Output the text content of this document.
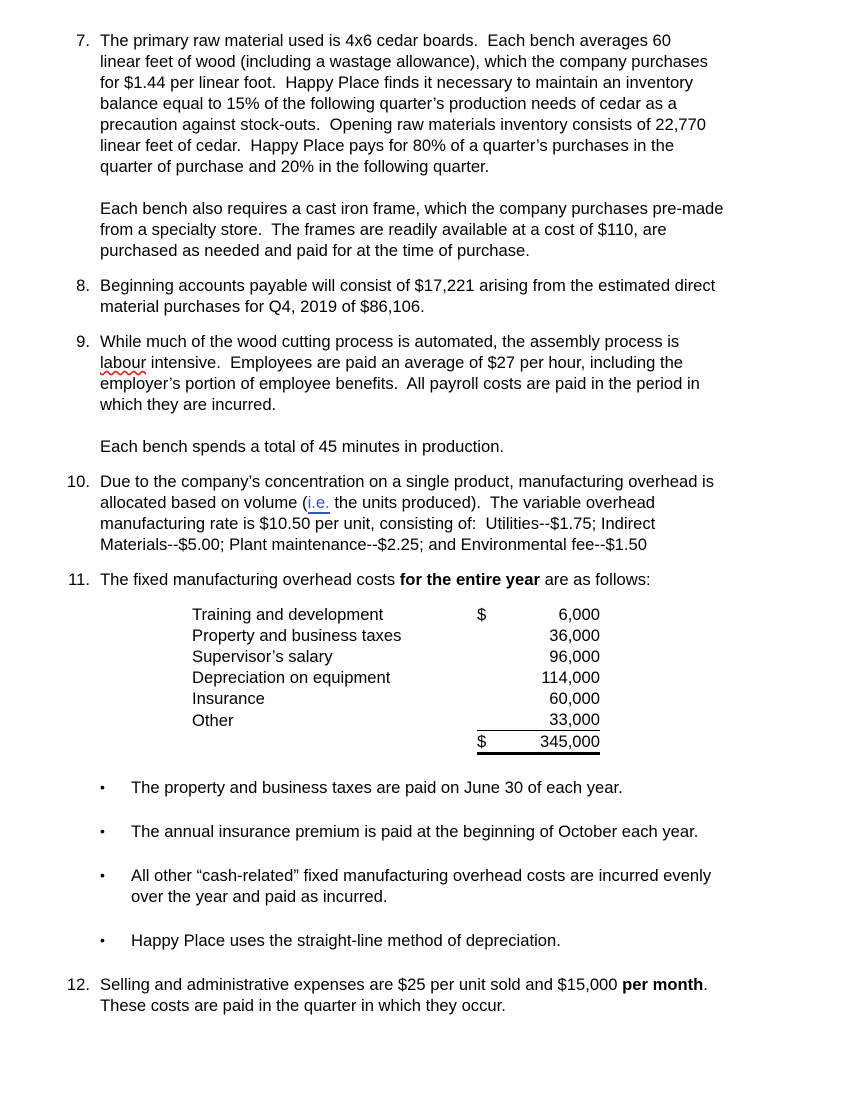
7. The primary raw material used is 4x6 cedar boards.  Each bench averages 60
linear feet of wood (including a wastage allowance), which the company purchases
for $1.44 per linear foot.  Happy Place finds it necessary to maintain an inventory
balance equal to 15% of the following quarter’s production needs of cedar as a
precaution against stock-outs.  Opening raw materials inventory consists of 22,770
linear feet of cedar.  Happy Place pays for 80% of a quarter’s purchases in the
quarter of purchase and 20% in the following quarter.

Each bench also requires a cast iron frame, which the company purchases pre-made
from a specialty store.  The frames are readily available at a cost of $110, are
purchased as needed and paid for at the time of purchase.

8. Beginning accounts payable will consist of $17,221 arising from the estimated direct
material purchases for Q4, 2019 of $86,106.

9. While much of the wood cutting process is automated, the assembly process is
labour intensive.  Employees are paid an average of $27 per hour, including the
employer’s portion of employee benefits.  All payroll costs are paid in the period in
which they are incurred.

Each bench spends a total of 45 minutes in production.

10. Due to the company’s concentration on a single product, manufacturing overhead is
allocated based on volume (i.e. the units produced).  The variable overhead
manufacturing rate is $10.50 per unit, consisting of:  Utilities--$1.75; Indirect
Materials--$5.00; Plant maintenance--$2.25; and Environmental fee--$1.50

11. The fixed manufacturing overhead costs for the entire year are as follows:

Training and development	$	6,000
Property and business taxes		36,000
Supervisor’s salary		96,000
Depreciation on equipment		114,000
Insurance		60,000
Other		33,000
	$	345,000
• The property and business taxes are paid on June 30 of each year.
• The annual insurance premium is paid at the beginning of October each year.
• All other “cash-related” fixed manufacturing overhead costs are incurred evenly
over the year and paid as incurred.
• Happy Place uses the straight-line method of depreciation.
12. Selling and administrative expenses are $25 per unit sold and $15,000 per month.
These costs are paid in the quarter in which they occur.
